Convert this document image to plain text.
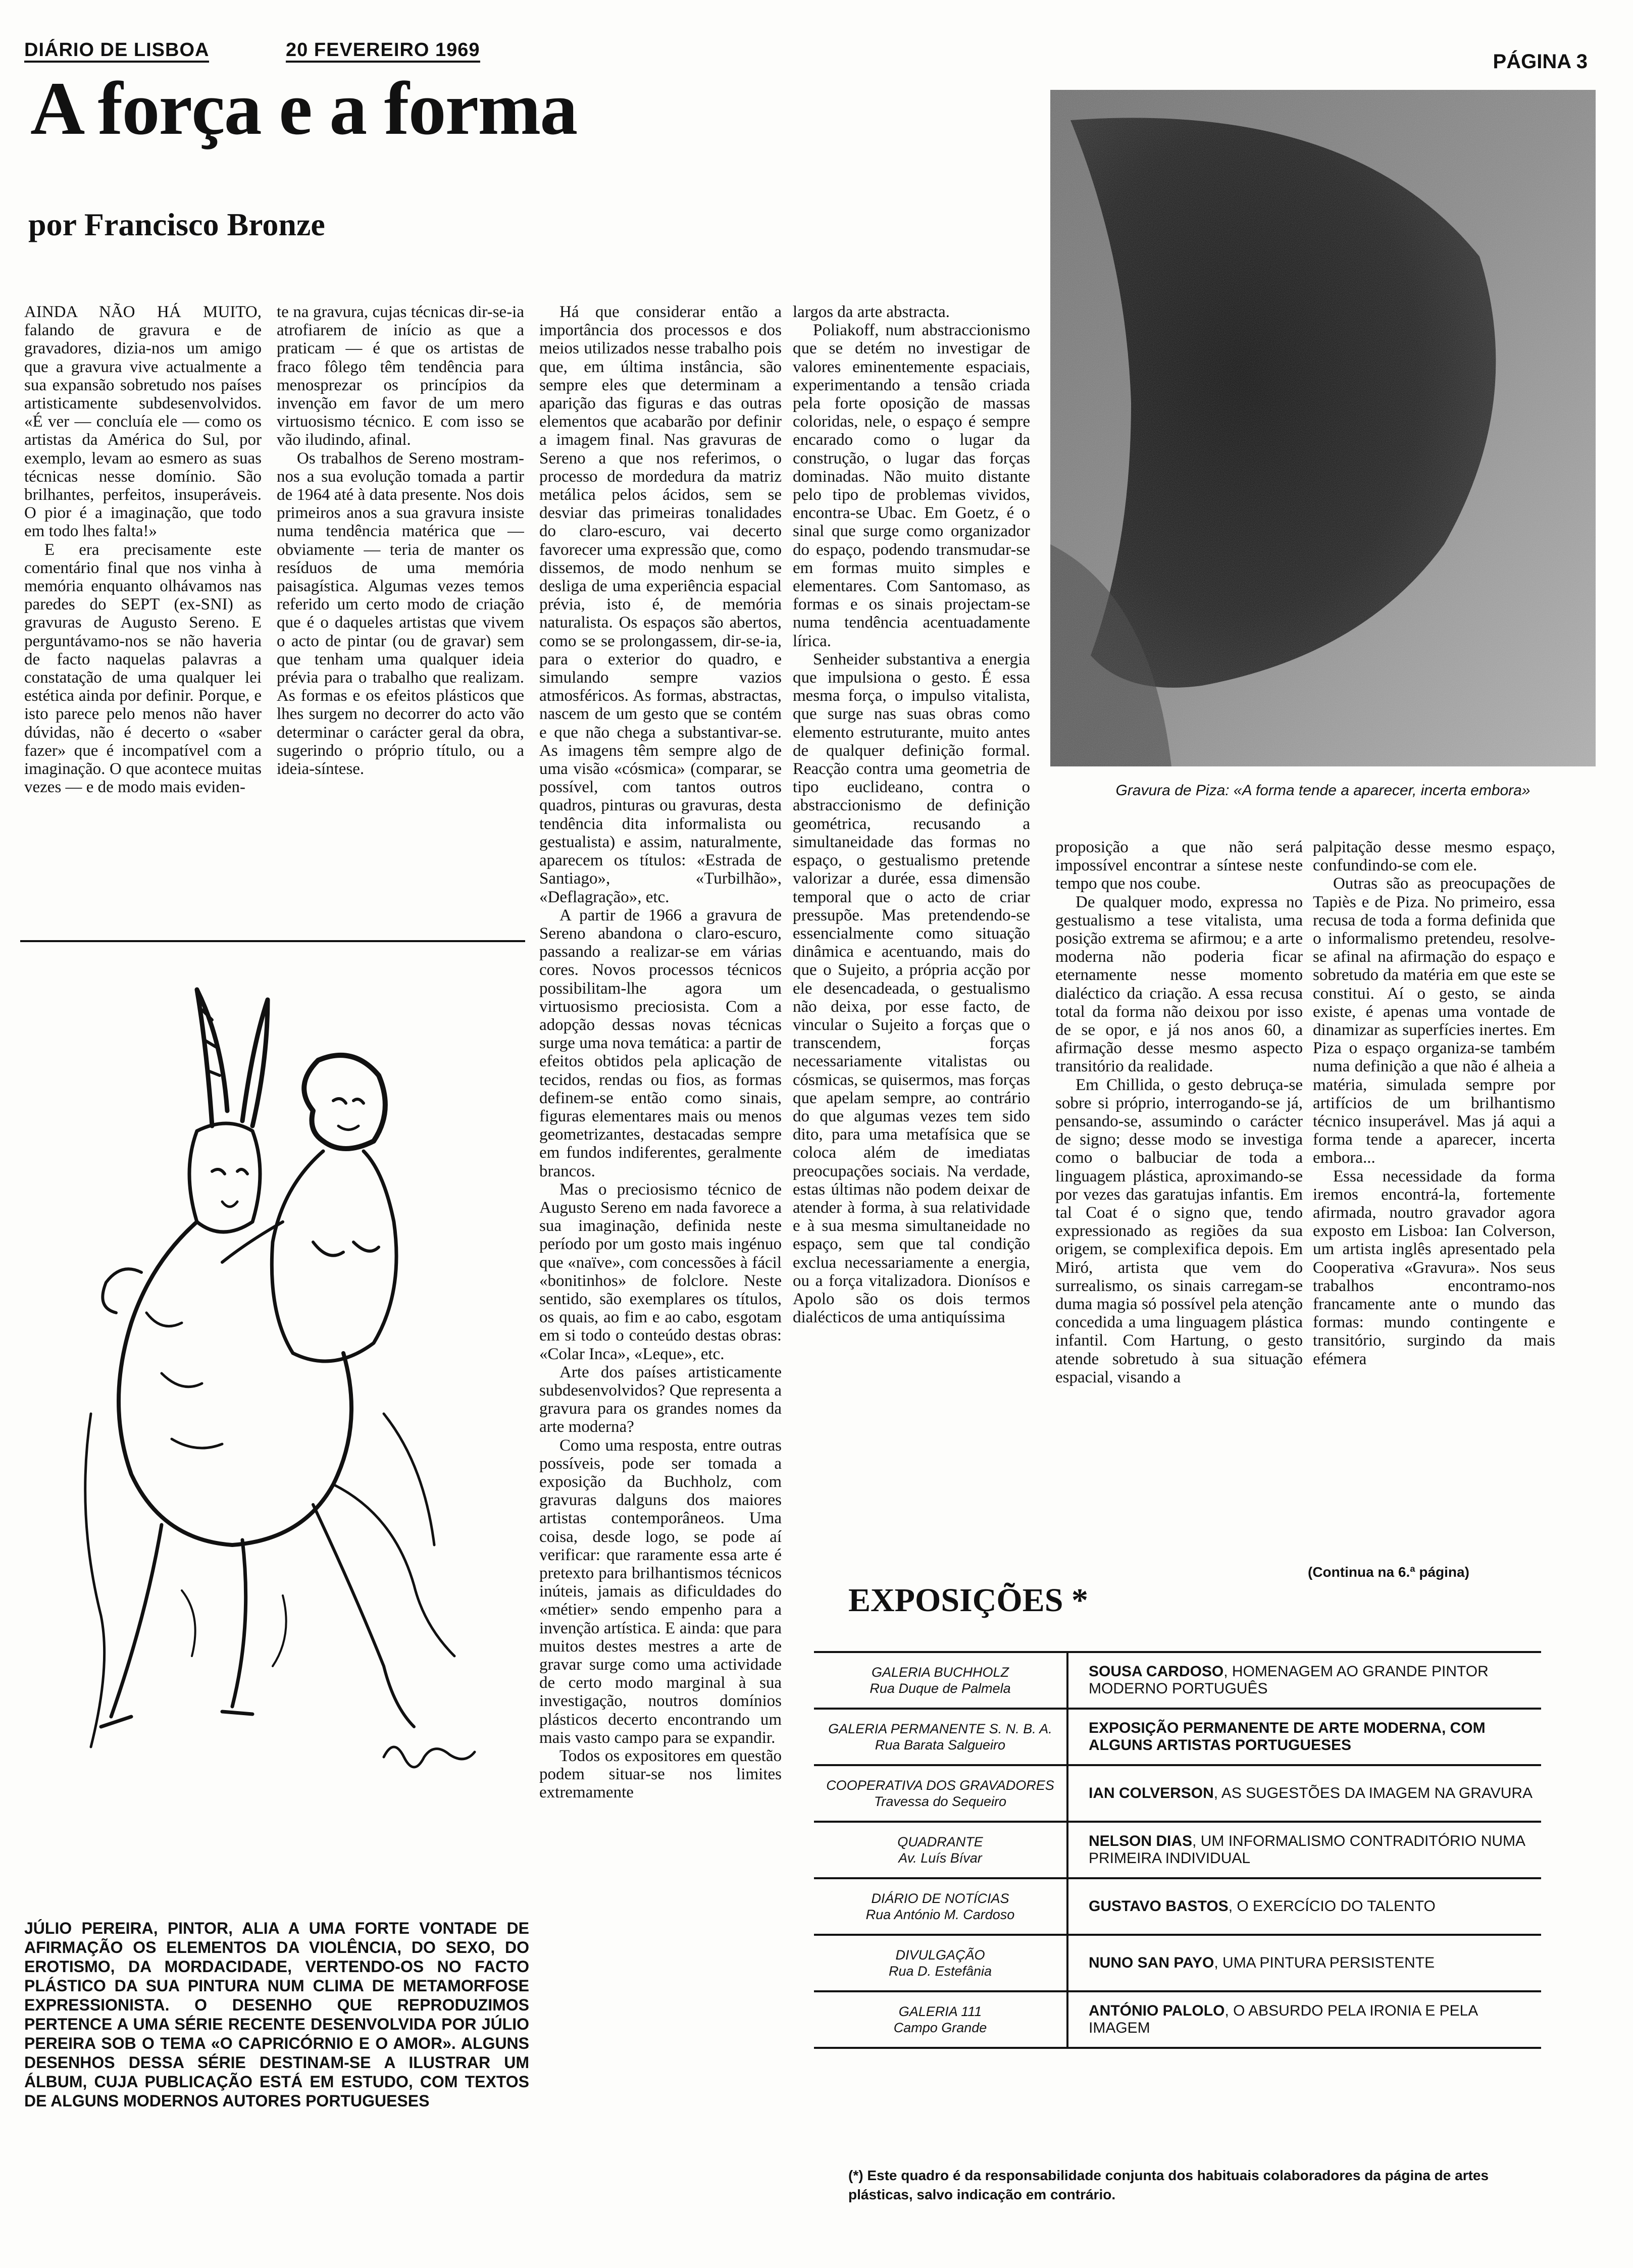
DIÁRIO DE LISBOA	20 FEVEREIRO 1969
PÁGINA 3
A força e a forma
por Francisco Bronze

AINDA NÃO HÁ MUITO, falando de gravura e de gravadores, dizia-nos um amigo que a gravura vive actualmente a sua expansão sobretudo nos países artisticamente subdesenvolvidos. «É ver — concluía ele — como os artistas da América do Sul, por exemplo, levam ao esmero as suas técnicas nesse domínio. São brilhantes, perfeitos, insuperáveis. O pior é a imaginação, que todo em todo lhes falta!»

E era precisamente este comentário final que nos vinha à memória enquanto olhávamos nas paredes do SEPT (ex-SNI) as gravuras de Augusto Sereno. E perguntávamo-nos se não haveria de facto naquelas palavras a constatação de uma qualquer lei estética ainda por definir. Porque, e isto parece pelo menos não haver dúvidas, não é decerto o «saber fazer» que é incompatível com a imaginação. O que acontece muitas vezes — e de modo mais eviden-

te na gravura, cujas técnicas dir-se-ia atrofiarem de início as que a praticam — é que os artistas de fraco fôlego têm tendência para menosprezar os princípios da invenção em favor de um mero virtuosismo técnico. E com isso se vão iludindo, afinal.

Os trabalhos de Sereno mostram-nos a sua evolução tomada a partir de 1964 até à data presente. Nos dois primeiros anos a sua gravura insiste numa tendência matérica que — obviamente — teria de manter os resíduos de uma memória paisagística. Algumas vezes temos referido um certo modo de criação que é o daqueles artistas que vivem o acto de pintar (ou de gravar) sem que tenham uma qualquer ideia prévia para o trabalho que realizam. As formas e os efeitos plásticos que lhes surgem no decorrer do acto vão determinar o carácter geral da obra, sugerindo o próprio título, ou a ideia-síntese.

Há que considerar então a importância dos processos e dos meios utilizados nesse trabalho pois que, em última instância, são sempre eles que determinam a aparição das figuras e das outras elementos que acabarão por definir a imagem final. Nas gravuras de Sereno a que nos referimos, o processo de mordedura da matriz metálica pelos ácidos, sem se desviar das primeiras tonalidades do claro-escuro, vai decerto favorecer uma expressão que, como dissemos, de modo nenhum se desliga de uma experiência espacial prévia, isto é, de memória naturalista. Os espaços são abertos, como se se prolongassem, dir-se-ia, para o exterior do quadro, e simulando sempre vazios atmosféricos. As formas, abstractas, nascem de um gesto que se contém e que não chega a substantivar-se. As imagens têm sempre algo de uma visão «cósmica» (comparar, se possível, com tantos outros quadros, pinturas ou gravuras, desta tendência dita informalista ou gestualista) e assim, naturalmente, aparecem os títulos: «Estrada de Santiago», «Turbilhão», «Deflagração», etc.

A partir de 1966 a gravura de Sereno abandona o claro-escuro, passando a realizar-se em várias cores. Novos processos técnicos possibilitam-lhe agora um virtuosismo preciosista. Com a adopção dessas novas técnicas surge uma nova temática: a partir de efeitos obtidos pela aplicação de tecidos, rendas ou fios, as formas definem-se então como sinais, figuras elementares mais ou menos geometrizantes, destacadas sempre em fundos indiferentes, geralmente brancos.

Mas o preciosismo técnico de Augusto Sereno em nada favorece a sua imaginação, definida neste período por um gosto mais ingénuo que «naïve», com concessões à fácil «bonitinhos» de folclore. Neste sentido, são exemplares os títulos, os quais, ao fim e ao cabo, esgotam em si todo o conteúdo destas obras: «Colar Inca», «Leque», etc.

Arte dos países artisticamente subdesenvolvidos? Que representa a gravura para os grandes nomes da arte moderna?

Como uma resposta, entre outras possíveis, pode ser tomada a exposição da Buchholz, com gravuras dalguns dos maiores artistas contemporâneos. Uma coisa, desde logo, se pode aí verificar: que raramente essa arte é pretexto para brilhantismos técnicos inúteis, jamais as dificuldades do «métier» sendo empenho para a invenção artística. E ainda: que para muitos destes mestres a arte de gravar surge como uma actividade de certo modo marginal à sua investigação, noutros domínios plásticos decerto encontrando um mais vasto campo para se expandir.

Todos os expositores em questão podem situar-se nos limites extremamente

largos da arte abstracta.

Poliakoff, num abstraccionismo que se detém no investigar de valores eminentemente espaciais, experimentando a tensão criada pela forte oposição de massas coloridas, nele, o espaço é sempre encarado como o lugar da construção, o lugar das forças dominadas. Não muito distante pelo tipo de problemas vividos, encontra-se Ubac. Em Goetz, é o sinal que surge como organizador do espaço, podendo transmudar-se em formas muito simples e elementares. Com Santomaso, as formas e os sinais projectam-se numa tendência acentuadamente lírica.

Senheider substantiva a energia que impulsiona o gesto. É essa mesma força, o impulso vitalista, que surge nas suas obras como elemento estruturante, muito antes de qualquer definição formal. Reacção contra uma geometria de tipo euclideano, contra o abstraccionismo de definição geométrica, recusando a simultaneidade das formas no espaço, o gestualismo pretende valorizar a durée, essa dimensão temporal que o acto de criar pressupõe. Mas pretendendo-se essencialmente como situação dinâmica e acentuando, mais do que o Sujeito, a própria acção por ele desencadeada, o gestualismo não deixa, por esse facto, de vincular o Sujeito a forças que o transcendem, forças necessariamente vitalistas ou cósmicas, se quisermos, mas forças que apelam sempre, ao contrário do que algumas vezes tem sido dito, para uma metafísica que se coloca além de imediatas preocupações sociais. Na verdade, estas últimas não podem deixar de atender à forma, à sua relatividade e à sua mesma simultaneidade no espaço, sem que tal condição exclua necessariamente a energia, ou a força vitalizadora. Dionísos e Apolo são os dois termos dialécticos de uma antiquíssima

proposição a que não será impossível encontrar a síntese neste tempo que nos coube.

De qualquer modo, expressa no gestualismo a tese vitalista, uma posição extrema se afirmou; e a arte moderna não poderia ficar eternamente nesse momento dialéctico da criação. A essa recusa total da forma não deixou por isso de se opor, e já nos anos 60, a afirmação desse mesmo aspecto transitório da realidade.

Em Chillida, o gesto debruça-se sobre si próprio, interrogando-se já, pensando-se, assumindo o carácter de signo; desse modo se investiga como o balbuciar de toda a linguagem plástica, aproximando-se por vezes das garatujas infantis. Em tal Coat é o signo que, tendo expressionado as regiões da sua origem, se complexifica depois. Em Miró, artista que vem do surrealismo, os sinais carregam-se duma magia só possível pela atenção concedida a uma linguagem plástica infantil. Com Hartung, o gesto atende sobretudo à sua situação espacial, visando a

palpitação desse mesmo espaço, confundindo-se com ele.

Outras são as preocupações de Tapiès e de Piza. No primeiro, essa recusa de toda a forma definida que o informalismo pretendeu, resolve-se afinal na afirmação do espaço e sobretudo da matéria em que este se constitui. Aí o gesto, se ainda existe, é apenas uma vontade de dinamizar as superfícies inertes. Em Piza o espaço organiza-se também numa definição a que não é alheia a matéria, simulada sempre por artifícios de um brilhantismo técnico insuperável. Mas já aqui a forma tende a aparecer, incerta embora...

Essa necessidade da forma iremos encontrá-la, fortemente afirmada, noutro gravador agora exposto em Lisboa: Ian Colverson, um artista inglês apresentado pela Cooperativa «Gravura». Nos seus trabalhos encontramo-nos francamente ante o mundo das formas: mundo contingente e transitório, surgindo da mais efémera

(Continua na 6.ª página)
Gravura de Piza: «A forma tende a aparecer, incerta embora»
JÚLIO PEREIRA, PINTOR, ALIA A UMA FORTE VONTADE DE AFIRMAÇÃO OS ELEMENTOS DA VIOLÊNCIA, DO SEXO, DO EROTISMO, DA MORDACIDADE, VERTENDO-OS NO FACTO PLÁSTICO DA SUA PINTURA NUM CLIMA DE METAMORFOSE EXPRESSIONISTA. O DESENHO QUE REPRODUZIMOS PERTENCE A UMA SÉRIE RECENTE DESENVOLVIDA POR JÚLIO PEREIRA SOB O TEMA «O CAPRICÓRNIO E O AMOR». ALGUNS DESENHOS DESSA SÉRIE DESTINAM-SE A ILUSTRAR UM ÁLBUM, CUJA PUBLICAÇÃO ESTÁ EM ESTUDO, COM TEXTOS DE ALGUNS MODERNOS AUTORES PORTUGUESES
EXPOSIÇÕES *
GALERIA BUCHHOLZ
Rua Duque de Palmela	SOUSA CARDOSO, HOMENAGEM AO GRANDE PINTOR MODERNO PORTUGUÊS

GALERIA PERMANENTE S. N. B. A.
Rua Barata Salgueiro	EXPOSIÇÃO PERMANENTE DE ARTE MODERNA, COM ALGUNS ARTISTAS PORTUGUESES

COOPERATIVA DOS GRAVADORES
Travessa do Sequeiro	IAN COLVERSON, AS SUGESTÕES DA IMAGEM NA GRAVURA

QUADRANTE
Av. Luís Bívar	NELSON DIAS, UM INFORMALISMO CONTRADITÓRIO NUMA PRIMEIRA INDIVIDUAL

DIÁRIO DE NOTÍCIAS
Rua António M. Cardoso	GUSTAVO BASTOS, O EXERCÍCIO DO TALENTO

DIVULGAÇÃO
Rua D. Estefânia	NUNO SAN PAYO, UMA PINTURA PERSISTENTE

GALERIA 111
Campo Grande	ANTÓNIO PALOLO, O ABSURDO PELA IRONIA E PELA IMAGEM
(*) Este quadro é da responsabilidade conjunta dos habituais colaboradores da página de artes plásticas, salvo indicação em contrário.
